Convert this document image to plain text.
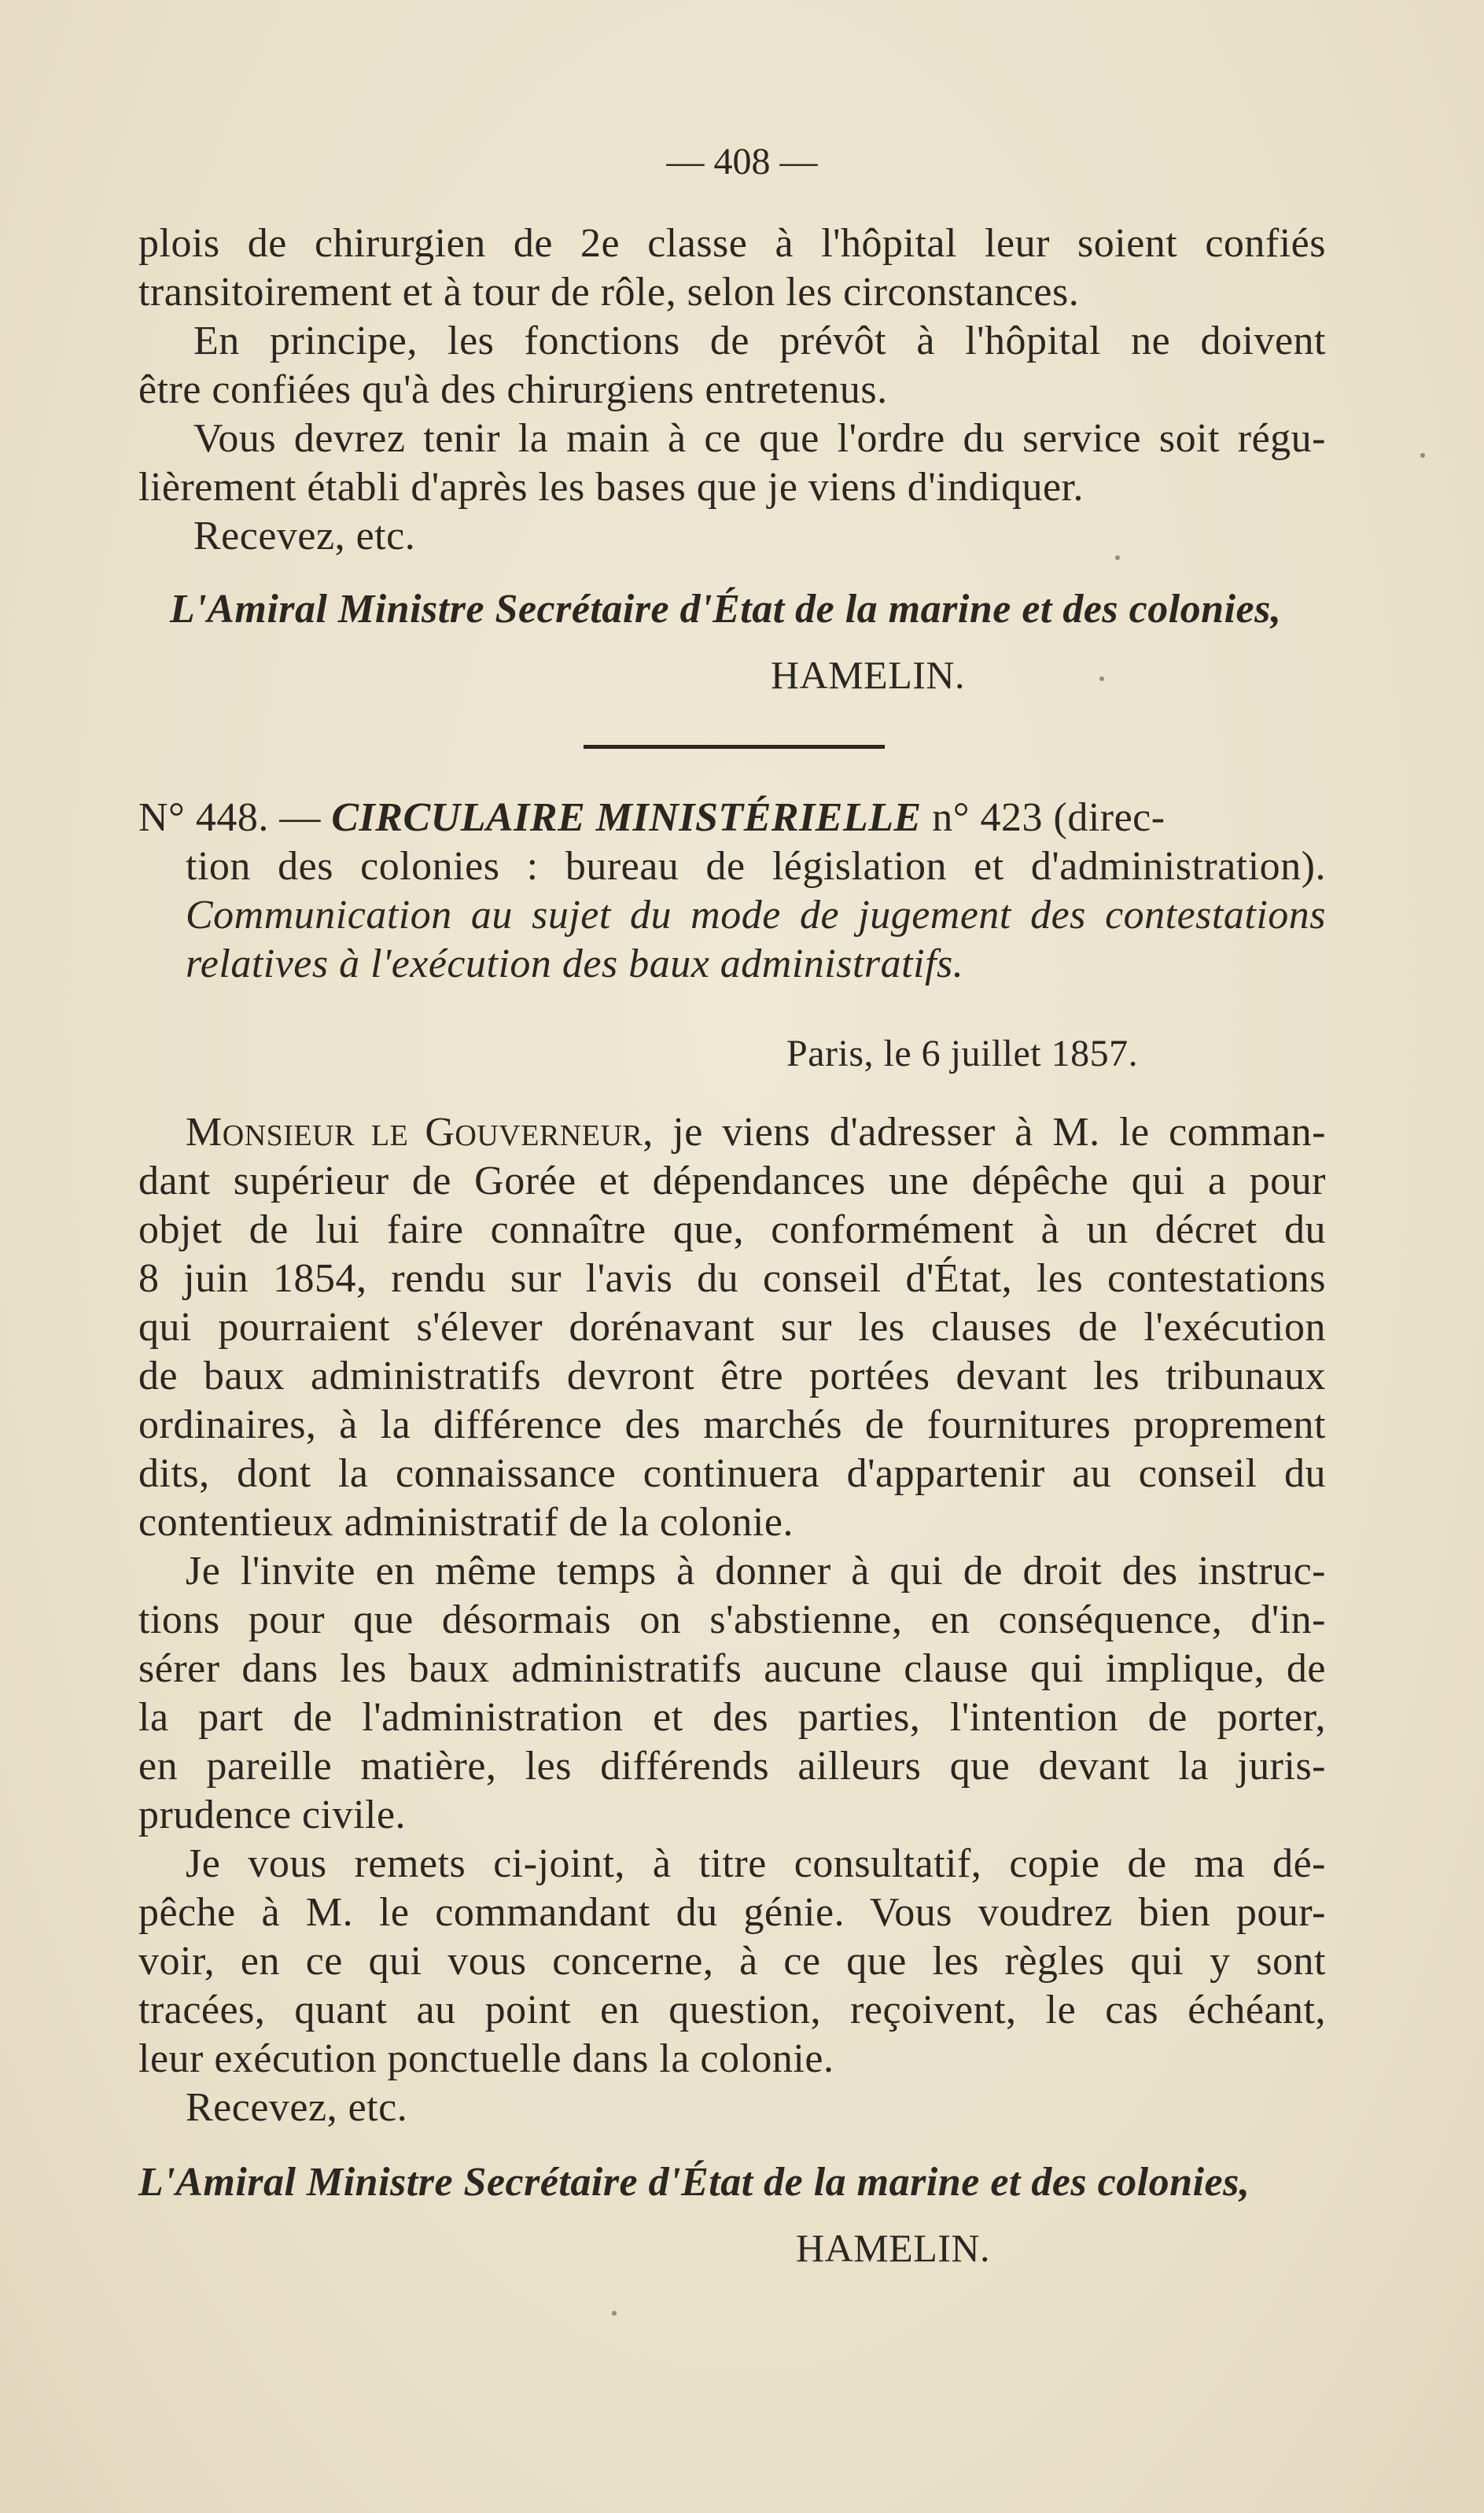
— 408 —
plois de chirurgien de 2e classe à l'hôpital leur soient confiés
transitoirement et à tour de rôle, selon les circonstances.
En principe, les fonctions de prévôt à l'hôpital ne doivent
être confiées qu'à des chirurgiens entretenus.
Vous devrez tenir la main à ce que l'ordre du service soit régu-
lièrement établi d'après les bases que je viens d'indiquer.
Recevez, etc.
L'Amiral Ministre Secrétaire d'État de la marine et des colonies,
HAMELIN.
N° 448. — CIRCULAIRE MINISTÉRIELLE n° 423 (direc-
tion des colonies : bureau de législation et d'administration).
Communication au sujet du mode de jugement des contestations
relatives à l'exécution des baux administratifs.
Paris, le 6 juillet 1857.
MONSIEUR LE GOUVERNEUR, je viens d'adresser à M. le comman-
dant supérieur de Gorée et dépendances une dépêche qui a pour
objet de lui faire connaître que, conformément à un décret du
8 juin 1854, rendu sur l'avis du conseil d'État, les contestations
qui pourraient s'élever dorénavant sur les clauses de l'exécution
de baux administratifs devront être portées devant les tribunaux
ordinaires, à la différence des marchés de fournitures proprement
dits, dont la connaissance continuera d'appartenir au conseil du
contentieux administratif de la colonie.
Je l'invite en même temps à donner à qui de droit des instruc-
tions pour que désormais on s'abstienne, en conséquence, d'in-
sérer dans les baux administratifs aucune clause qui implique, de
la part de l'administration et des parties, l'intention de porter,
en pareille matière, les différends ailleurs que devant la juris-
prudence civile.
Je vous remets ci-joint, à titre consultatif, copie de ma dé-
pêche à M. le commandant du génie. Vous voudrez bien pour-
voir, en ce qui vous concerne, à ce que les règles qui y sont
tracées, quant au point en question, reçoivent, le cas échéant,
leur exécution ponctuelle dans la colonie.
Recevez, etc.
L'Amiral Ministre Secrétaire d'État de la marine et des colonies,
HAMELIN.
